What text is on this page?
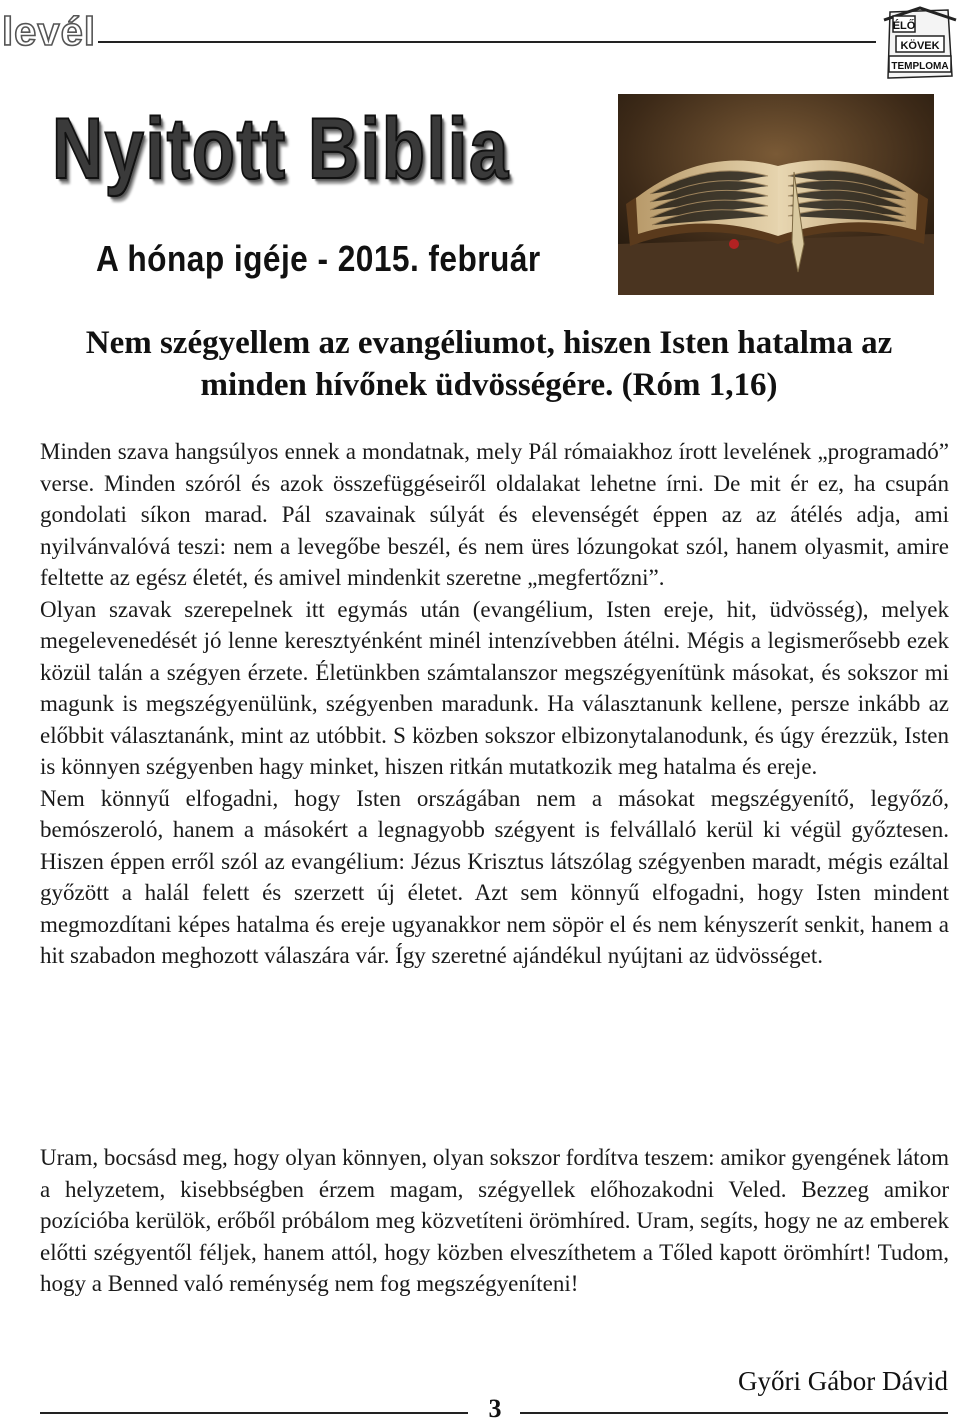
levél	ÉLŐ
KÖVEK
TEMPLOMA
Nyitott Biblia
A hónap igéje - 2015. február
Nem szégyellem az evangéliumot, hiszen Isten hatalma az minden hívőnek üdvösségére. (Róm 1,16)

Minden szava hangsúlyos ennek a mondatnak, mely Pál rómaiakhoz írott levelének „programadó” verse. Minden szóról és azok összefüggéseiről oldalakat lehetne írni. De mit ér ez, ha csupán gondolati síkon marad. Pál szavainak súlyát és elevenségét éppen az az átélés adja, ami nyilvánvalóvá teszi: nem a levegőbe beszél, és nem üres lózungokat szól, hanem olyasmit, amire feltette az egész életét, és amivel mindenkit szeretne „megfertőzni”.

Olyan szavak szerepelnek itt egymás után (evangélium, Isten ereje, hit, üdvösség), melyek megelevenedését jó lenne keresztyénként minél intenzívebben átélni. Mégis a legismerősebb ezek közül talán a szégyen érzete. Életünkben számtalanszor megszégyenítünk másokat, és sokszor mi magunk is megszégyenülünk, szégyenben maradunk. Ha választanunk kellene, persze inkább az előbbit választanánk, mint az utóbbit. S közben sokszor elbizonytalanodunk, és úgy érezzük, Isten is könnyen szégyenben hagy minket, hiszen ritkán mutatkozik meg hatalma és ereje.

Nem könnyű elfogadni, hogy Isten országában nem a másokat megszégyenítő, legyőző, bemószeroló, hanem a másokért a legnagyobb szégyent is felvállaló kerül ki végül győztesen. Hiszen éppen erről szól az evangélium: Jézus Krisztus látszólag szégyenben maradt, mégis ezáltal győzött a halál felett és szerzett új életet. Azt sem könnyű elfogadni, hogy Isten mindent megmozdítani képes hatalma és ereje ugyanakkor nem söpör el és nem kényszerít senkit, hanem a hit szabadon meghozott válaszára vár. Így szeretné ajándékul nyújtani az üdvösséget.

Uram, bocsásd meg, hogy olyan könnyen, olyan sokszor fordítva teszem: amikor gyengének látom a helyzetem, kisebbségben érzem magam, szégyellek előhozakodni Veled. Bezzeg amikor pozícióba kerülök, erőből próbálom meg közvetíteni örömhíred. Uram, segíts, hogy ne az emberek előtti szégyentől féljek, hanem attól, hogy közben elveszíthetem a Tőled kapott örömhírt! Tudom, hogy a Benned való reménység nem fog megszégyeníteni!

Győri Gábor Dávid
3
